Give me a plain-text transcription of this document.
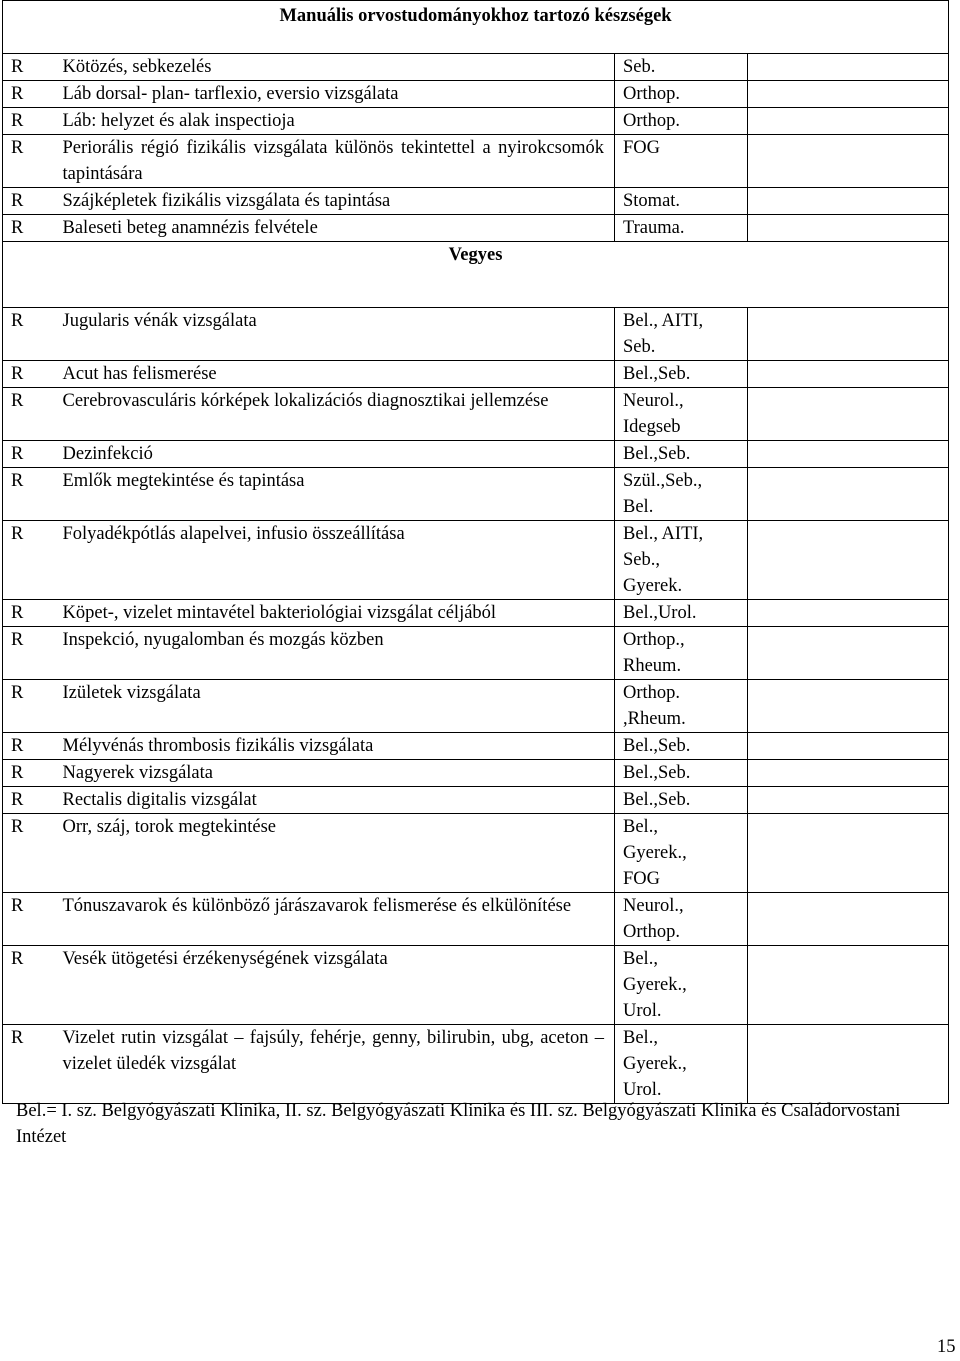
Manuális orvostudományokhoz tartozó készségek			
R	Kötözés, sebkezelés	Seb.	

R	Láb dorsal- plan- tarflexio, eversio vizsgálata	Orthop.	

R	Láb: helyzet és alak inspectioja	Orthop.	

R	Periorális régió fizikális vizsgálata különös tekintettel a nyirokcsomók tapintására	FOG	

R	Szájképletek fizikális vizsgálata és tapintása	Stomat.	

R	Baleseti beteg anamnézis felvétele	Trauma.	

Vegyes			
R	Jugularis vénák vizsgálata	Bel., AITI,
Seb.	

R	Acut has felismerése	Bel.,Seb.	

R	Cerebrovasculáris kórképek lokalizációs diagnosztikai jellemzése	Neurol.,
Idegseb	

R	Dezinfekció	Bel.,Seb.	

R	Emlők megtekintése és tapintása	Szül.,Seb.,
Bel.	

R	Folyadékpótlás alapelvei, infusio összeállítása	Bel., AITI,
Seb.,
Gyerek.	

R	Köpet-, vizelet mintavétel bakteriológiai vizsgálat céljából	Bel.,Urol.	

R	Inspekció, nyugalomban és mozgás közben	Orthop.,
Rheum.	

R	Izületek vizsgálata	Orthop.
,Rheum.	

R	Mélyvénás thrombosis fizikális vizsgálata	Bel.,Seb.	

R	Nagyerek vizsgálata	Bel.,Seb.	

R	Rectalis digitalis vizsgálat	Bel.,Seb.	

R	Orr, száj, torok megtekintése	Bel.,
Gyerek.,
FOG	

R	Tónuszavarok és különböző járászavarok felismerése és elkülönítése	Neurol.,
Orthop.	

R	Vesék ütögetési érzékenységének vizsgálata	Bel.,
Gyerek.,
Urol.	

R	Vizelet rutin vizsgálat – fajsúly, fehérje, genny, bilirubin, ubg, aceton – vizelet üledék vizsgálat	Bel.,
Gyerek.,
Urol.	

Bel.= I. sz. Belgyógyászati Klinika, II. sz. Belgyógyászati Klinika és III. sz. Belgyógyászati Klinika és Családorvostani Intézet
15
